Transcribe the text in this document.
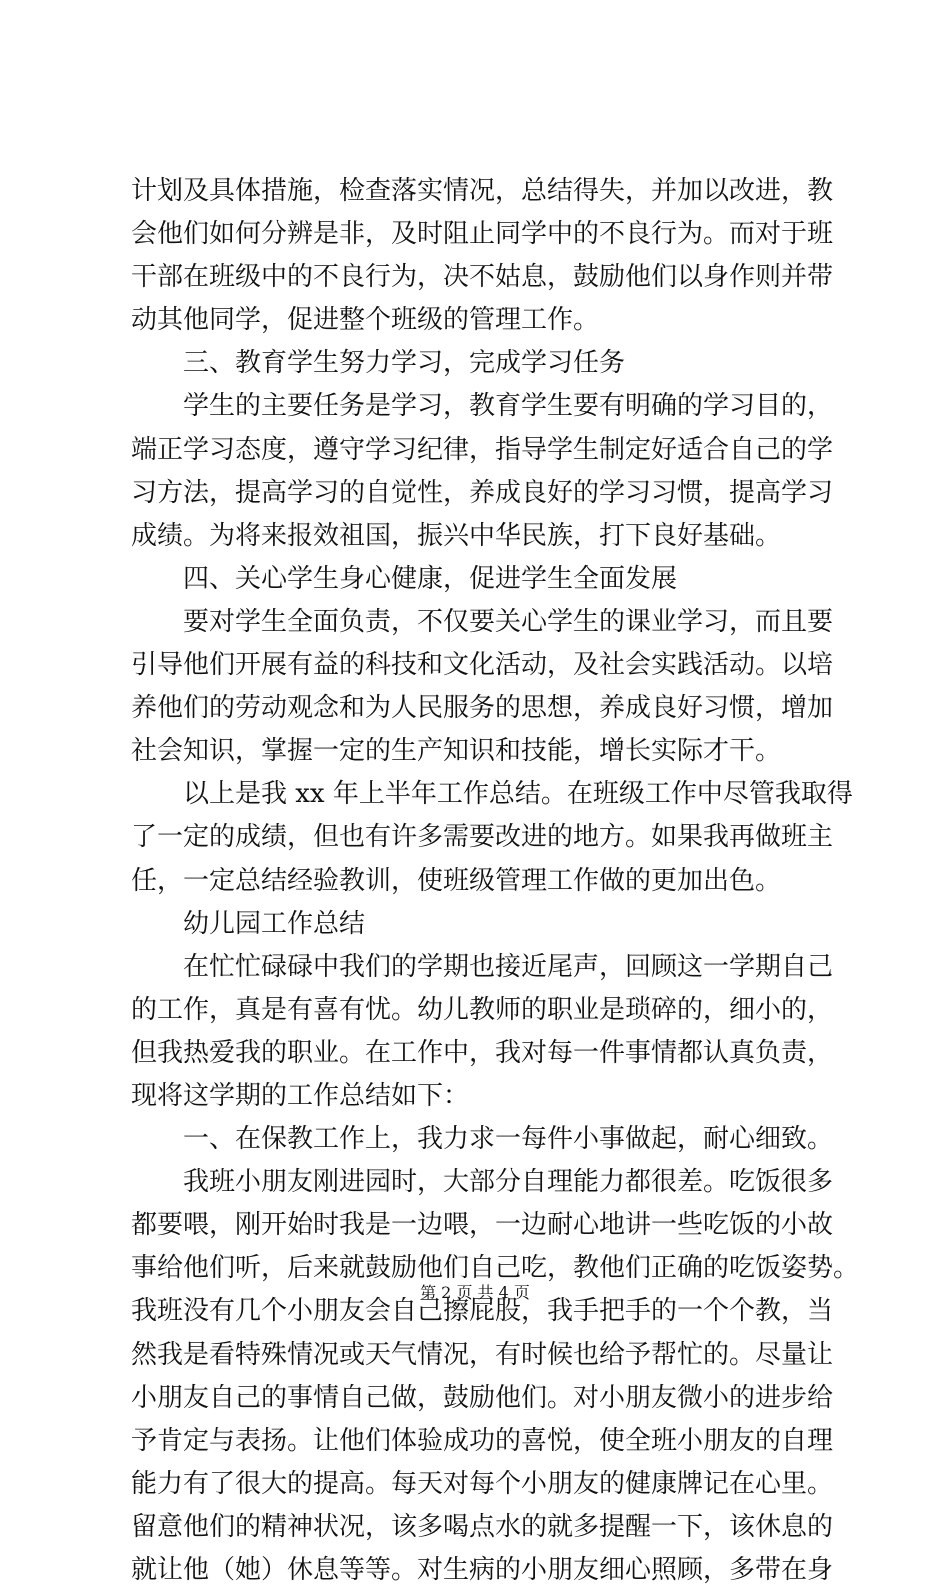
计划及具体措施，检查落实情况，总结得失，并加以改进，教
会他们如何分辨是非，及时阻止同学中的不良行为。而对于班
干部在班级中的不良行为，决不姑息，鼓励他们以身作则并带
动其他同学，促进整个班级的管理工作。
三、教育学生努力学习，完成学习任务
学生的主要任务是学习，教育学生要有明确的学习目的，
端正学习态度，遵守学习纪律，指导学生制定好适合自己的学
习方法，提高学习的自觉性，养成良好的学习习惯，提高学习
成绩。为将来报效祖国，振兴中华民族，打下良好基础。
四、关心学生身心健康，促进学生全面发展
要对学生全面负责，不仅要关心学生的课业学习，而且要
引导他们开展有益的科技和文化活动，及社会实践活动。以培
养他们的劳动观念和为人民服务的思想，养成良好习惯，增加
社会知识，掌握一定的生产知识和技能，增长实际才干。
以上是我 xx 年上半年工作总结。在班级工作中尽管我取得
了一定的成绩，但也有许多需要改进的地方。如果我再做班主
任，一定总结经验教训，使班级管理工作做的更加出色。
幼儿园工作总结
在忙忙碌碌中我们的学期也接近尾声，回顾这一学期自己
的工作，真是有喜有忧。幼儿教师的职业是琐碎的，细小的，
但我热爱我的职业。在工作中，我对每一件事情都认真负责，
现将这学期的工作总结如下：
一、在保教工作上，我力求一每件小事做起，耐心细致。
我班小朋友刚进园时，大部分自理能力都很差。吃饭很多
都要喂，刚开始时我是一边喂，一边耐心地讲一些吃饭的小故
事给他们听，后来就鼓励他们自己吃，教他们正确的吃饭姿势。
我班没有几个小朋友会自己擦屁股，我手把手的一个个教，当
然我是看特殊情况或天气情况，有时候也给予帮忙的。尽量让
小朋友自己的事情自己做，鼓励他们。对小朋友微小的进步给
予肯定与表扬。让他们体验成功的喜悦，使全班小朋友的自理
能力有了很大的提高。每天对每个小朋友的健康牌记在心里。
留意他们的精神状况，该多喝点水的就多提醒一下，该休息的
就让他（她）休息等等。对生病的小朋友细心照顾，多带在身
第 2 页 共 4 页
